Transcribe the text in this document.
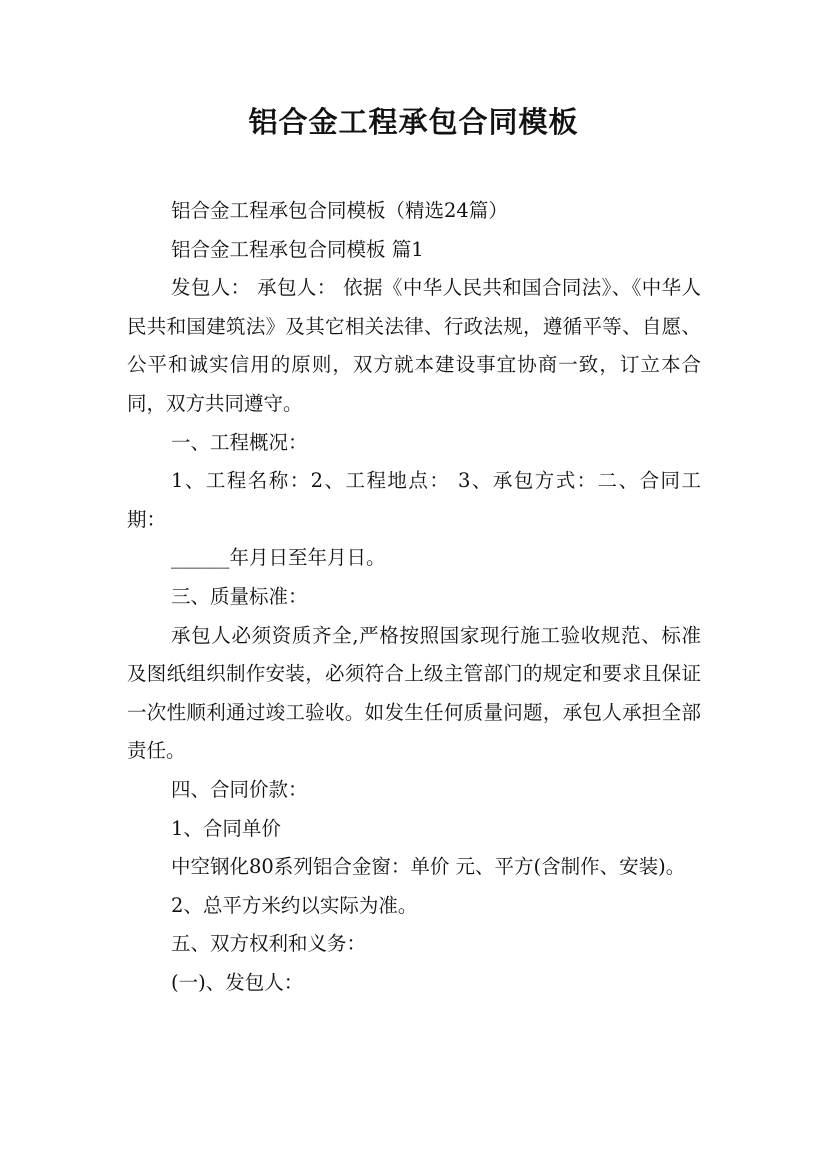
铝合金工程承包合同模板

铝合金工程承包合同模板（精选24篇）

铝合金工程承包合同模板 篇1

发包人： 承包人： 依据《中华人民共和国合同法》、《中华人民共和国建筑法》及其它相关法律、行政法规，遵循平等、自愿、公平和诚实信用的原则，双方就本建设事宜协商一致，订立本合同，双方共同遵守。

一、工程概况：

1、工程名称：2、工程地点： 3、承包方式：二、合同工期：

______年月日至年月日。

三、质量标准：

承包人必须资质齐全,严格按照国家现行施工验收规范、标准及图纸组织制作安装，必须符合上级主管部门的规定和要求且保证一次性顺利通过竣工验收。如发生任何质量问题，承包人承担全部责任。

四、合同价款：

1、合同单价

中空钢化80系列铝合金窗：单价 元、平方(含制作、安装)。

2、总平方米约以实际为准。

五、双方权利和义务：

(一)、发包人：
